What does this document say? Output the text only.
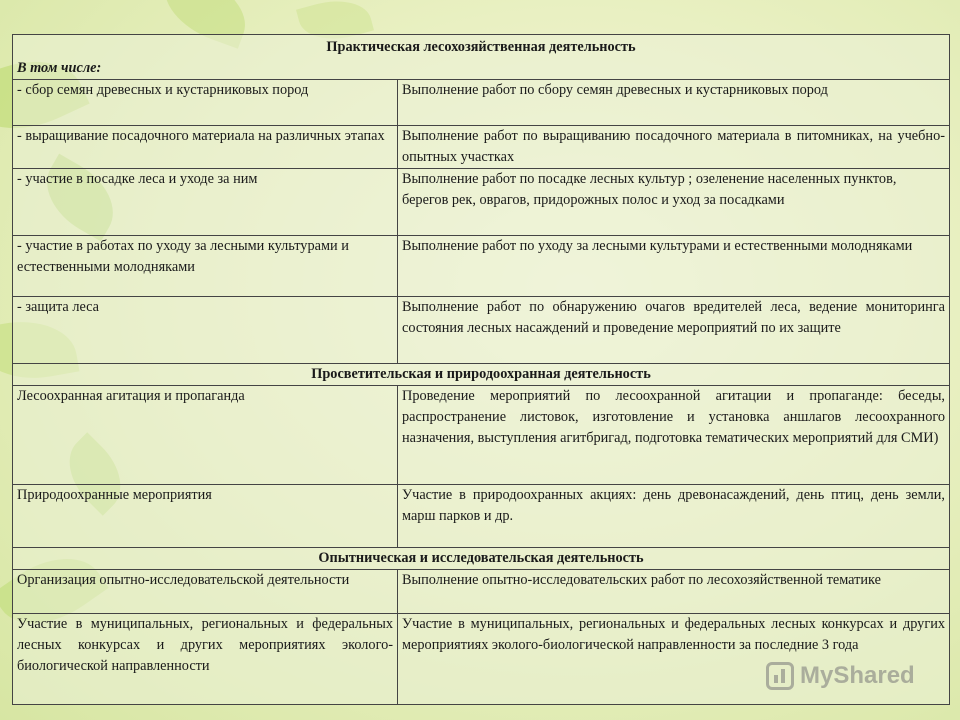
Практическая лесохозяйственная деятельность
В том числе:	

- сбор семян древесных и кустарниковых пород	Выполнение работ по сбору семян древесных и кустарниковых пород
- выращивание посадочного материала на различных этапах	Выполнение работ по выращиванию посадочного материала в питомниках, на учебно-опытных участках
- участие в посадке леса и уходе за ним	Выполнение работ по посадке лесных культур ; озеленение населенных пунктов, берегов рек, оврагов, придорожных полос и уход за посадками
- участие в работах по уходу за лесными культурами и естественными молодняками	Выполнение работ по уходу за лесными культурами и естественными молодняками
- защита леса	Выполнение работ по обнаружению очагов вредителей леса, ведение мониторинга состояния лесных насаждений и проведение мероприятий по их защите
Просветительская и природоохранная деятельность	
Лесоохранная агитация и пропаганда	Проведение мероприятий по лесоохранной агитации и пропаганде: беседы, распространение листовок, изготовление и установка аншлагов лесоохранного назначения, выступления агитбригад, подготовка тематических мероприятий для СМИ)
Природоохранные мероприятия	Участие в природоохранных акциях: день древонасаждений, день птиц, день земли, марш парков и др.
Опытническая и исследовательская деятельность	
Организация опытно-исследовательской деятельности	Выполнение опытно-исследовательских работ по лесохозяйственной тематике
Участие в муниципальных, региональных и федеральных лесных конкурсах и других мероприятиях эколого-биологической направленности	Участие в муниципальных, региональных и федеральных лесных конкурсах и других мероприятиях эколого-биологической направленности за последние 3 года
MyShared
